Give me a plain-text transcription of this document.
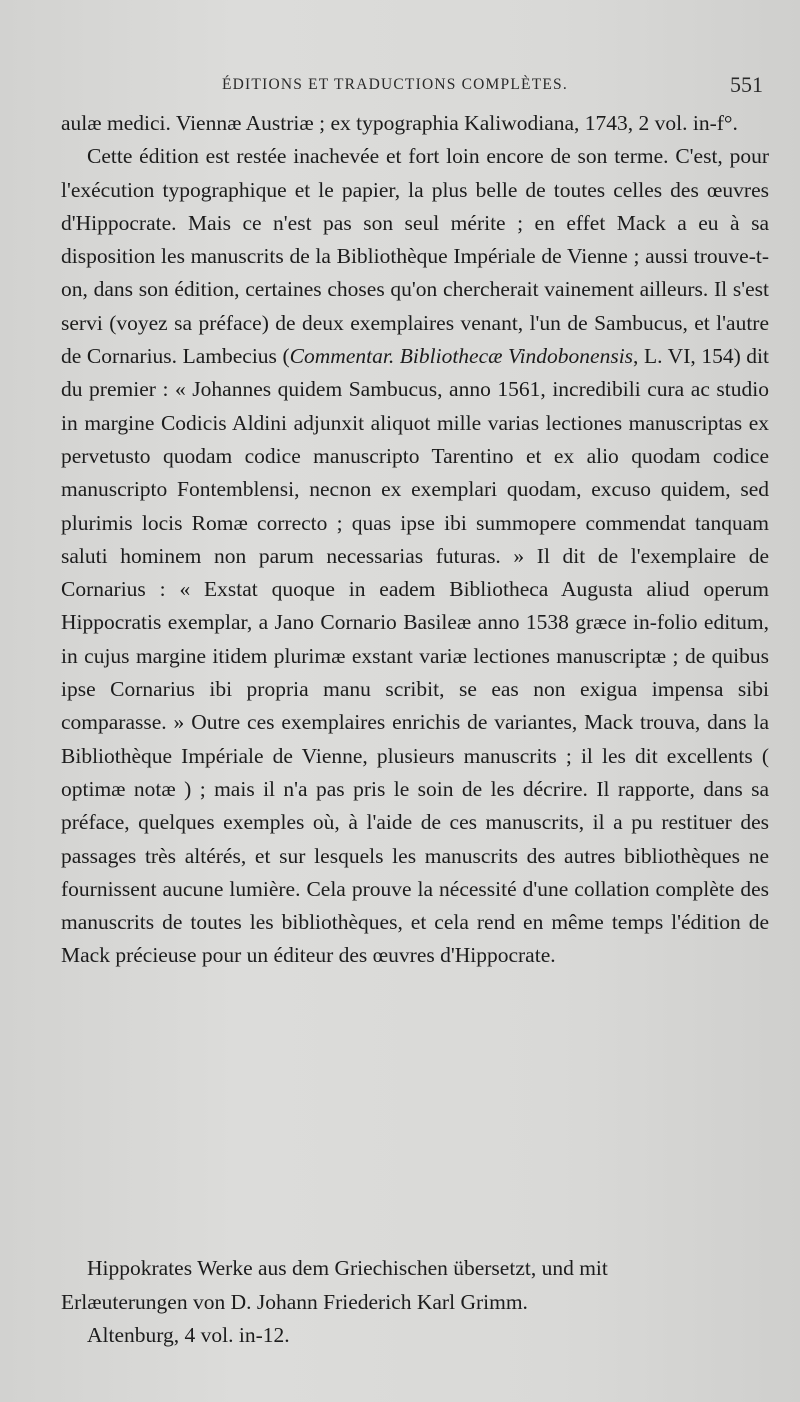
ÉDITIONS ET TRADUCTIONS COMPLÈTES.	551

aulæ medici. Viennæ Austriæ ; ex typographia Kaliwodiana, 1743, 2 vol. in-f°.

Cette édition est restée inachevée et fort loin encore de son terme. C'est, pour l'exécution typographique et le papier, la plus belle de toutes celles des œuvres d'Hippocrate. Mais ce n'est pas son seul mérite ; en effet Mack a eu à sa disposition les manuscrits de la Bibliothèque Impériale de Vienne ; aussi trouve-t-on, dans son édition, certaines choses qu'on chercherait vainement ailleurs. Il s'est servi (voyez sa préface) de deux exemplaires venant, l'un de Sambucus, et l'autre de Cornarius. Lambecius (Commentar. Bibliothecæ Vindobonensis, L. VI, 154) dit du premier : « Johannes quidem Sambucus, anno 1561, incredibili cura ac studio in margine Codicis Aldini adjunxit aliquot mille varias lectiones manuscriptas ex pervetusto quodam codice manuscripto Tarentino et ex alio quodam codice manuscripto Fontemblensi, necnon ex exemplari quodam, excuso quidem, sed plurimis locis Romæ correcto ; quas ipse ibi summopere commendat tanquam saluti hominem non parum necessarias futuras. » Il dit de l'exemplaire de Cornarius : « Exstat quoque in eadem Bibliotheca Augusta aliud operum Hippocratis exemplar, a Jano Cornario Basileæ anno 1538 græce in-folio editum, in cujus margine itidem plurimæ exstant variæ lectiones manuscriptæ ; de quibus ipse Cornarius ibi propria manu scribit, se eas non exigua impensa sibi comparasse. » Outre ces exemplaires enrichis de variantes, Mack trouva, dans la Bibliothèque Impériale de Vienne, plusieurs manuscrits ; il les dit excellents ( optimæ notæ ) ; mais il n'a pas pris le soin de les décrire. Il rapporte, dans sa préface, quelques exemples où, à l'aide de ces manuscrits, il a pu restituer des passages très altérés, et sur lesquels les manuscrits des autres bibliothèques ne fournissent aucune lumière. Cela prouve la nécessité d'une collation complète des manuscrits de toutes les bibliothèques, et cela rend en même temps l'édition de Mack précieuse pour un éditeur des œuvres d'Hippocrate.

Hippokrates Werke aus dem Griechischen übersetzt, und mit

Erlæuterungen von D. Johann Friederich Karl Grimm.

Altenburg, 4 vol. in-12.
